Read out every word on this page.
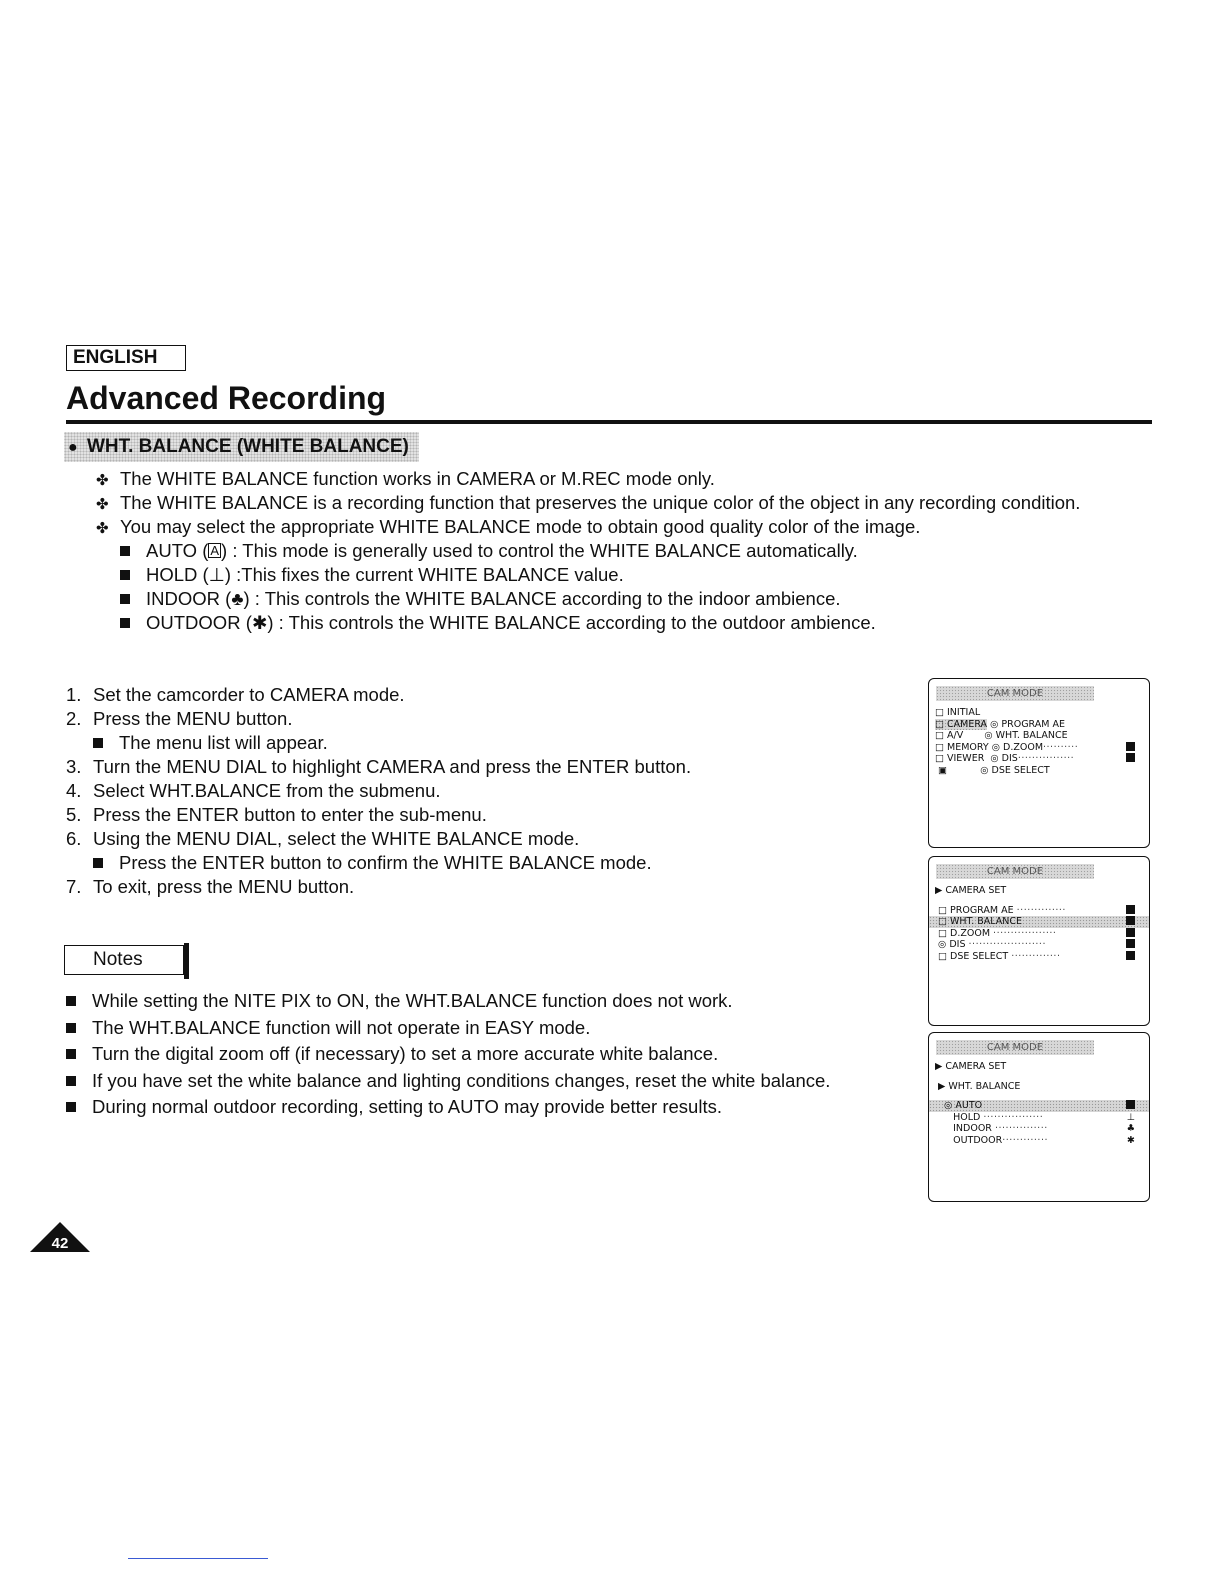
ENGLISH
Advanced Recording
● WHT. BALANCE (WHITE BALANCE)
✤ The WHITE BALANCE function works in CAMERA or M.REC mode only.
✤ The WHITE BALANCE is a recording function that preserves the unique color of the object in any recording condition.
✤ You may select the appropriate WHITE BALANCE mode to obtain good quality color of the image.
AUTO ( A ) : This mode is generally used to control the WHITE BALANCE automatically.
HOLD (⊥) :This fixes the current WHITE BALANCE value.
INDOOR (♣) : This controls the WHITE BALANCE according to the indoor ambience.
OUTDOOR (✱) : This controls the WHITE BALANCE according to the outdoor ambience.
1. Set the camcorder to CAMERA mode.
2. Press the MENU button.
The menu list will appear.
3. Turn the MENU DIAL to highlight CAMERA and press the ENTER button.
4. Select WHT.BALANCE from the submenu.
5. Press the ENTER button to enter the sub-menu.
6. Using the MENU DIAL, select the WHITE BALANCE mode.
Press the ENTER button to confirm the WHITE BALANCE mode.
7. To exit, press the MENU button.
Notes
While setting the NITE PIX to ON, the WHT.BALANCE function does not work.
The WHT.BALANCE function will not operate in EASY mode.
Turn the digital zoom off (if necessary) to set a more accurate white balance.
If you have set the white balance and lighting conditions changes, reset the white balance.
During normal outdoor recording, setting to AUTO may provide better results.
CAM MODE
□ INITIAL
□ CAMERA ◎ PROGRAM AE
□ A/V       ◎ WHT. BALANCE
□ MEMORY ◎ D.ZOOM··········
□ VIEWER  ◎ DIS················
▣           ◎ DSE SELECT
CAM MODE
▶ CAMERA SET
□ PROGRAM AE ··············
□ WHT. BALANCE
□ D.ZOOM ··················
◎ DIS ······················
□ DSE SELECT ··············
CAM MODE
▶ CAMERA SET
▶ WHT. BALANCE
◎ AUTO
HOLD ·················	⊥
INDOOR ···············	♣
OUTDOOR·············	✱
42
